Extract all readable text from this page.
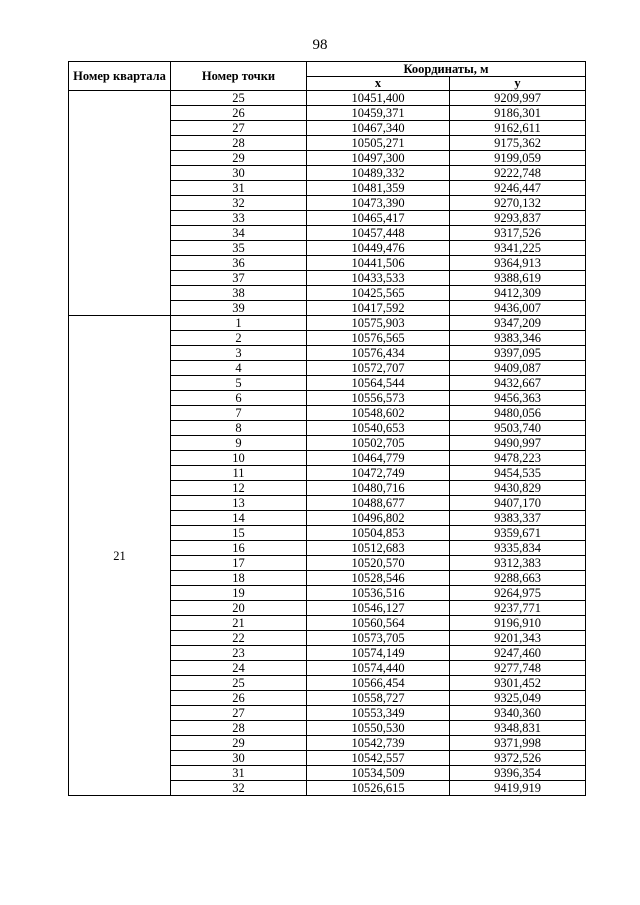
98
Номер квартала	Номер точки	Координаты, м	
		x	y
	25	10451,400	9209,997
	26	10459,371	9186,301
	27	10467,340	9162,611
	28	10505,271	9175,362
	29	10497,300	9199,059
	30	10489,332	9222,748
	31	10481,359	9246,447
	32	10473,390	9270,132
	33	10465,417	9293,837
	34	10457,448	9317,526
	35	10449,476	9341,225
	36	10441,506	9364,913
	37	10433,533	9388,619
	38	10425,565	9412,309
	39	10417,592	9436,007
21	1	10575,903	9347,209
	2	10576,565	9383,346
	3	10576,434	9397,095
	4	10572,707	9409,087
	5	10564,544	9432,667
	6	10556,573	9456,363
	7	10548,602	9480,056
	8	10540,653	9503,740
	9	10502,705	9490,997
	10	10464,779	9478,223
	11	10472,749	9454,535
	12	10480,716	9430,829
	13	10488,677	9407,170
	14	10496,802	9383,337
	15	10504,853	9359,671
	16	10512,683	9335,834
	17	10520,570	9312,383
	18	10528,546	9288,663
	19	10536,516	9264,975
	20	10546,127	9237,771
	21	10560,564	9196,910
	22	10573,705	9201,343
	23	10574,149	9247,460
	24	10574,440	9277,748
	25	10566,454	9301,452
	26	10558,727	9325,049
	27	10553,349	9340,360
	28	10550,530	9348,831
	29	10542,739	9371,998
	30	10542,557	9372,526
	31	10534,509	9396,354
	32	10526,615	9419,919
